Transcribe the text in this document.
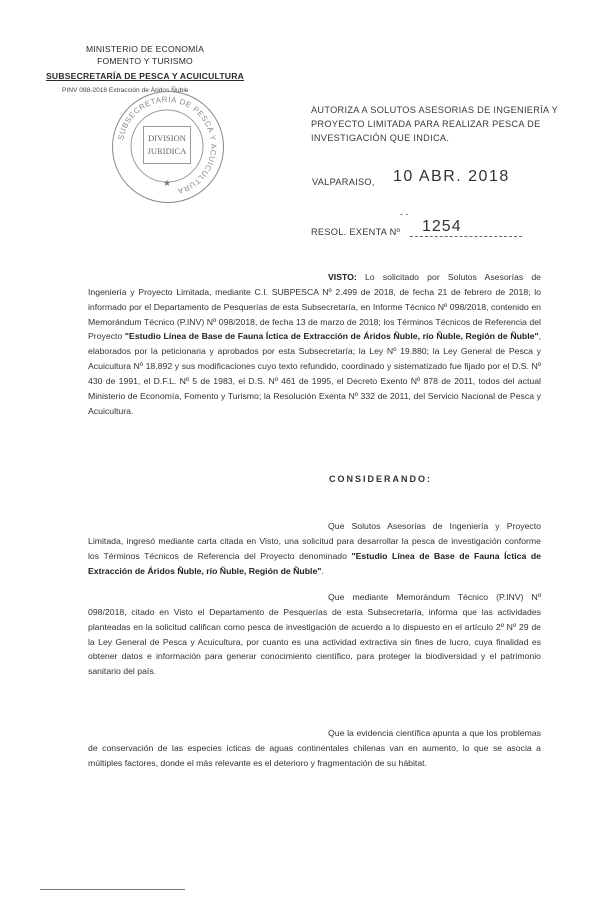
MINISTERIO DE ECONOMÍA
FOMENTO Y TURISMO
SUBSECRETARÍA DE PESCA Y ACUICULTURA
PINV 098-2018 Extracción de Áridos Ñuble
SUBSECRETARÍA DE PESCA Y ACUICULTURA
DIVISION
JURIDICA
★
AUTORIZA A SOLUTOS ASESORIAS DE INGENIERÍA Y PROYECTO LIMITADA PARA REALIZAR PESCA DE INVESTIGACIÓN QUE INDICA.
VALPARAISO, 10 ABR. 2018
- -
RESOL. EXENTA Nº	1254
VISTO: Lo solicitado por Solutos Asesorías de Ingeniería y Proyecto Limitada, mediante C.I. SUBPESCA Nº 2.499 de 2018, de fecha 21 de febrero de 2018; lo informado por el Departamento de Pesquerías de esta Subsecretaría, en Informe Técnico Nº 098/2018, contenido en Memorándum Técnico (P.INV) Nº 098/2018, de fecha 13 de marzo de 2018; los Términos Técnicos de Referencia del Proyecto "Estudio Línea de Base de Fauna Íctica de Extracción de Áridos Ñuble, río Ñuble, Región de Ñuble", elaborados por la peticionaria y aprobados por esta Subsecretaría; la Ley Nº 19.880; la Ley General de Pesca y Acuicultura Nº 18.892 y sus modificaciones cuyo texto refundido, coordinado y sistematizado fue fijado por el D.S. Nº 430 de 1991, el D.F.L. Nº 5 de 1983, el D.S. Nº 461 de 1995, el Decreto Exento Nº 878 de 2011, todos del actual Ministerio de Economía, Fomento y Turismo; la Resolución Exenta Nº 332 de 2011, del Servicio Nacional de Pesca y Acuicultura.
CONSIDERANDO:
Que Solutos Asesorías de Ingeniería y Proyecto Limitada, ingresó mediante carta citada en Visto, una solicitud para desarrollar la pesca de investigación conforme los Términos Técnicos de Referencia del Proyecto denominado "Estudio Línea de Base de Fauna Íctica de Extracción de Áridos Ñuble, río Ñuble, Región de Ñuble".
Que mediante Memorándum Técnico (P.INV) Nº 098/2018, citado en Visto el Departamento de Pesquerías de esta Subsecretaría, informa que las actividades planteadas en la solicitud califican como pesca de investigación de acuerdo a lo dispuesto en el artículo 2º Nº 29 de la Ley General de Pesca y Acuicultura, por cuanto es una actividad extractiva sin fines de lucro, cuya finalidad es obtener datos e información para generar conocimiento científico, para proteger la biodiversidad y el patrimonio sanitario del país.
Que la evidencia científica apunta a que los problemas de conservación de las especies ícticas de aguas continentales chilenas van en aumento, lo que se asocia a múltiples factores, donde el más relevante es el deterioro y fragmentación de su hábitat.
